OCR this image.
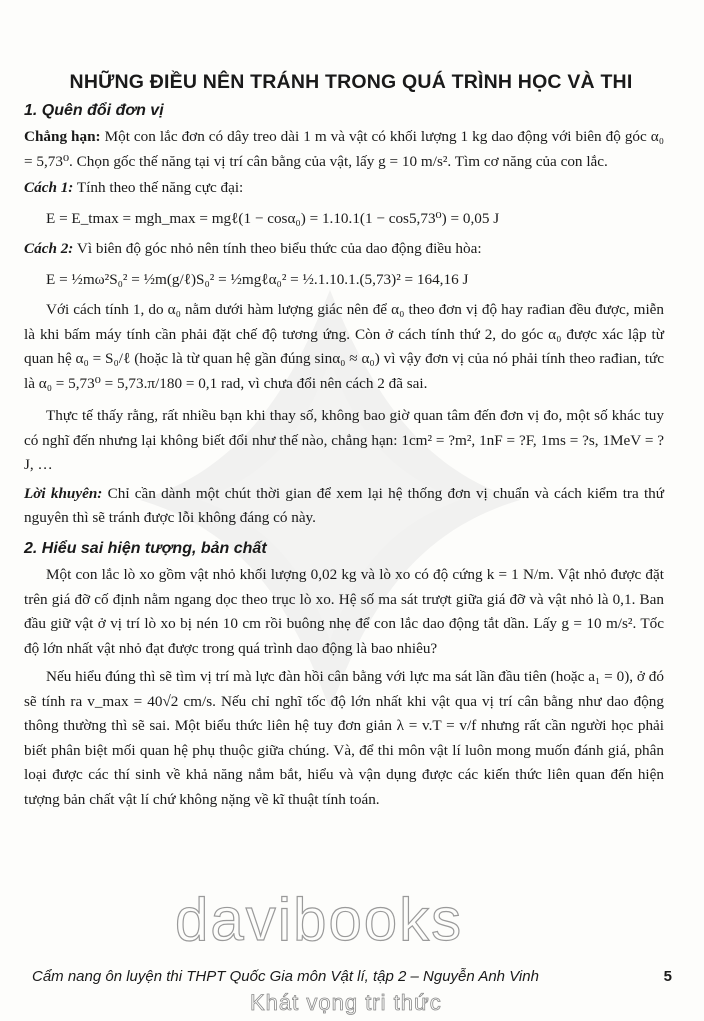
NHỮNG ĐIỀU NÊN TRÁNH TRONG QUÁ TRÌNH HỌC VÀ THI
1. Quên đổi đơn vị

Chẳng hạn: Một con lắc đơn có dây treo dài 1 m và vật có khối lượng 1 kg dao động với biên độ góc α₀ = 5,73⁰. Chọn gốc thế năng tại vị trí cân bằng của vật, lấy g = 10 m/s². Tìm cơ năng của con lắc.

Cách 1: Tính theo thế năng cực đại:

E = E_tmax = mgh_max = mgℓ(1 − cosα₀) = 1.10.1(1 − cos5,73⁰) = 0,05 J

Cách 2: Vì biên độ góc nhỏ nên tính theo biểu thức của dao động điều hòa:

E = ½mω²S₀² = ½m(g/ℓ)S₀² = ½mgℓα₀² = ½.1.10.1.(5,73)² = 164,16 J

Với cách tính 1, do α₀ nằm dưới hàm lượng giác nên để α₀ theo đơn vị độ hay rađian đều được, miễn là khi bấm máy tính cần phải đặt chế độ tương ứng. Còn ở cách tính thứ 2, do góc α₀ được xác lập từ quan hệ α₀ = S₀/ℓ (hoặc là từ quan hệ gần đúng sinα₀ ≈ α₀) vì vậy đơn vị của nó phải tính theo rađian, tức là α₀ = 5,73⁰ = 5,73.π/180 = 0,1 rad, vì chưa đổi nên cách 2 đã sai.

Thực tế thấy rằng, rất nhiều bạn khi thay số, không bao giờ quan tâm đến đơn vị đo, một số khác tuy có nghĩ đến nhưng lại không biết đổi như thế nào, chẳng hạn: 1cm² = ?m², 1nF = ?F, 1ms = ?s, 1MeV = ?J, …

Lời khuyên: Chỉ cần dành một chút thời gian để xem lại hệ thống đơn vị chuẩn và cách kiểm tra thứ nguyên thì sẽ tránh được lỗi không đáng có này.

2. Hiểu sai hiện tượng, bản chất

Một con lắc lò xo gồm vật nhỏ khối lượng 0,02 kg và lò xo có độ cứng k = 1 N/m. Vật nhỏ được đặt trên giá đỡ cố định nằm ngang dọc theo trục lò xo. Hệ số ma sát trượt giữa giá đỡ và vật nhỏ là 0,1. Ban đầu giữ vật ở vị trí lò xo bị nén 10 cm rồi buông nhẹ để con lắc dao động tắt dần. Lấy g = 10 m/s². Tốc độ lớn nhất vật nhỏ đạt được trong quá trình dao động là bao nhiêu?

Nếu hiểu đúng thì sẽ tìm vị trí mà lực đàn hồi cân bằng với lực ma sát lần đầu tiên (hoặc a₁ = 0), ở đó sẽ tính ra v_max = 40√2 cm/s. Nếu chỉ nghĩ tốc độ lớn nhất khi vật qua vị trí cân bằng như dao động thông thường thì sẽ sai. Một biểu thức liên hệ tuy đơn giản λ = v.T = v/f nhưng rất cần người học phải biết phân biệt mối quan hệ phụ thuộc giữa chúng. Và, để thi môn vật lí luôn mong muốn đánh giá, phân loại được các thí sinh về khả năng nắm bắt, hiểu và vận dụng được các kiến thức liên quan đến hiện tượng bản chất vật lí chứ không nặng về kĩ thuật tính toán.

davibooks
Khát vọng tri thức
Cẩm nang ôn luyện thi THPT Quốc Gia môn Vật lí, tập 2 – Nguyễn Anh Vinh	5
